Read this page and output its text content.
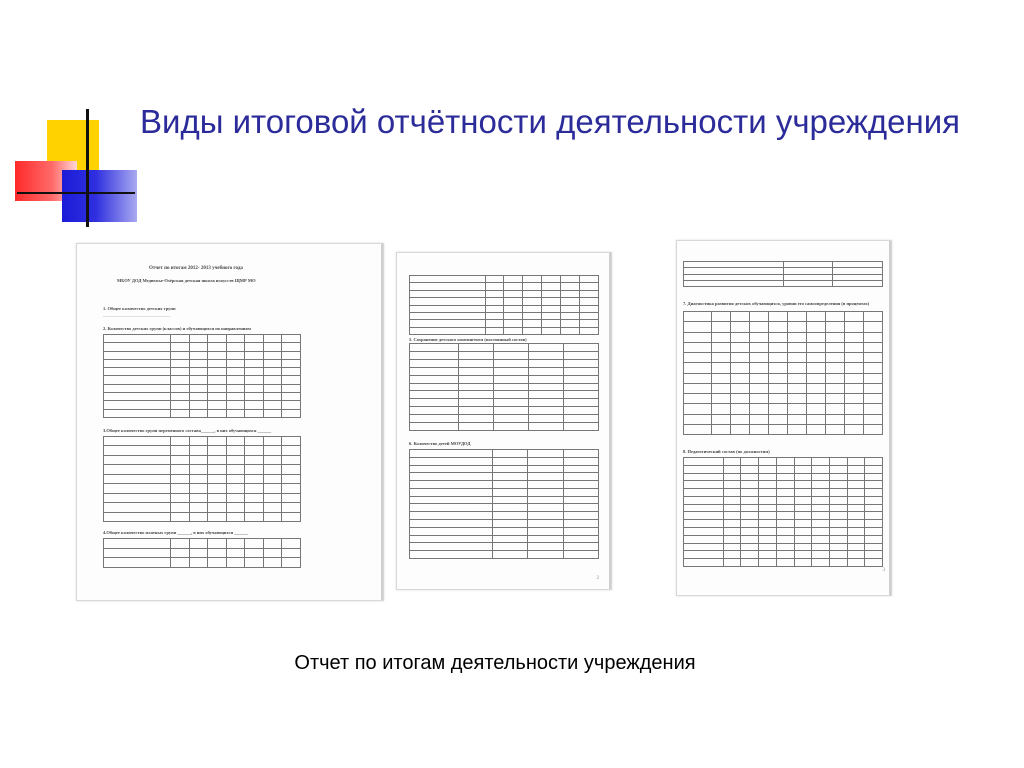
Виды итоговой отчётности деятельности учреждения
Отчет по итогам 2012- 2013 учебного года
МБОУ ДОД Медвежье-Озёрская детская школа искусств ЩМР МО
1. Общее количество детских групп
______________________________
2. Количество детских групп (классов) и обучающихся по направлениям

3.Общее количество групп переменного состава______, в них обучающихся ______

4.Общее количество платных групп ______, в них обучающихся ______

5. Сохранение детского контингента (постоянный состав)

6. Количество детей МОУДОД

2

7. Диагностика развития детских обучающихся, уровни его самоопределения (в процентах)

8. Педагогический состав (по должностям)

3
Отчет по итогам деятельности учреждения
